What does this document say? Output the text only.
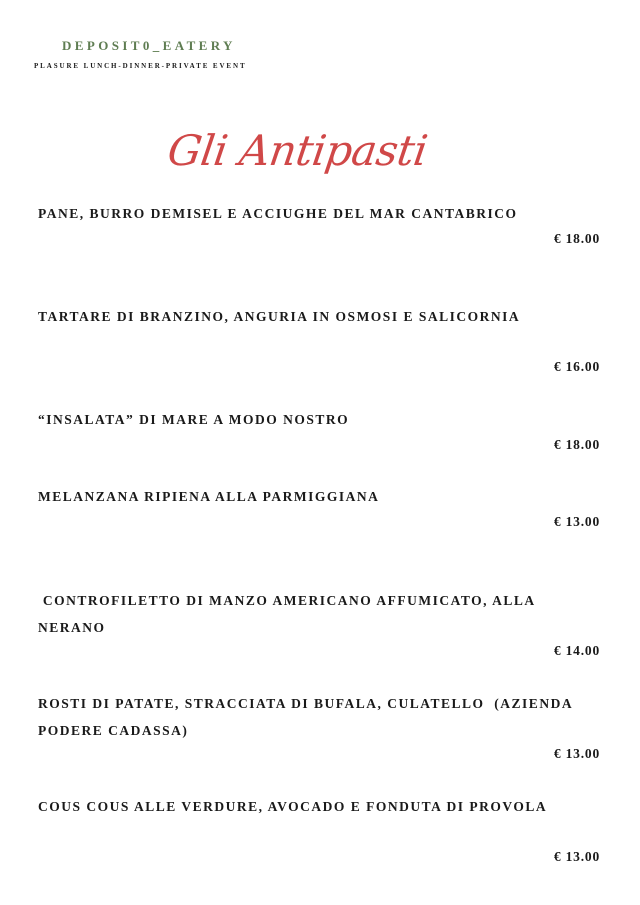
DEPOSIT0_EATERY
PLASURE LUNCH-DINNER-PRIVATE EVENT
Gli Antipasti
PANE, BURRO DEMISEL E ACCIUGHE DEL MAR CANTABRICO
€ 18.00
TARTARE DI BRANZINO, ANGURIA IN OSMOSI E SALICORNIA
€ 16.00
“INSALATA” DI MARE A MODO NOSTRO
€ 18.00
MELANZANA RIPIENA ALLA PARMIGGIANA
€ 13.00
CONTROFILETTO DI MANZO AMERICANO AFFUMICATO, ALLA NERANO
€ 14.00
ROSTI DI PATATE, STRACCIATA DI BUFALA, CULATELLO  (AZIENDA PODERE CADASSA)
€ 13.00
COUS COUS ALLE VERDURE, AVOCADO E FONDUTA DI PROVOLA
€ 13.00
